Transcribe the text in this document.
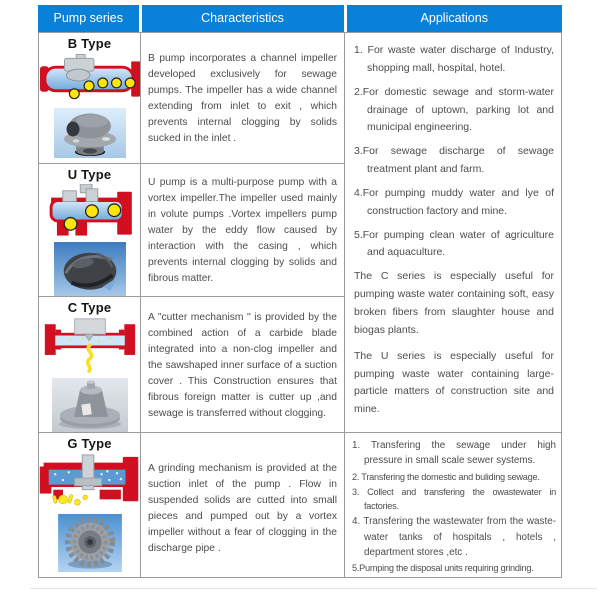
Pump series	Characteristics	Applications
B Type

B pump incorporates a channel impeller developed exclusively for sewage pumps. The impeller has a wide channel extending from inlet to exit , which prevents internal clogging by solids sucked in the inlet .

1. For waste water discharge of Industry, shopping mall, hospital, hotel.
2.For domestic sewage and storm-water drainage of uptown, parking lot and municipal engineering.
3.For sewage discharge of sewage treatment plant and farm.
4.For pumping muddy water and lye of construction factory and mine.
5.For pumping clean water of agriculture and aquaculture.
The C series is especially useful for pumping waste water containing soft, easy broken fibers from slaughter house and biogas plants.
The U series is especially useful for pumping waste water containing large-particle matters of construction site and mine.
U Type

U pump is a multi-purpose pump with a vortex impeller.The impeller used mainly in volute pumps .Vortex impellers pump water by the eddy flow caused by interaction with the casing , which prevents internal clogging by solids and fibrous matter.

C Type

A "cutter mechanism " is provided by the combined action of a carbide blade integrated into a non-clog impeller and the sawshaped inner surface of a suction cover . This Construction ensures that fibrous foreign matter is cutter up ,and sewage is transferred without clogging.

G Type

A grinding mechanism is provided at the suction inlet of the pump . Flow in suspended solids are cutted into small pieces and pumped out by a vortex impeller without a fear of clogging in the discharge pipe .

1. Transfering the sewage under high pressure in small scale sewer systems.
2. Transfering the domestic and buliding sewage.
3. Collect and transfering the owastewater in factories.
4. Transfering the wastewater from the waste-water tanks of hospitals , hotels , department stores ,etc .
5.Pumping the disposal units requiring grinding.
